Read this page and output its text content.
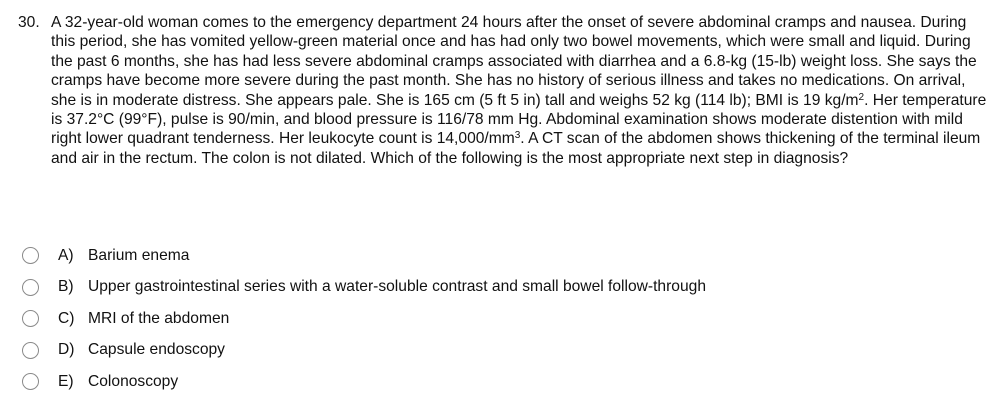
30. A 32-year-old woman comes to the emergency department 24 hours after the onset of severe abdominal cramps and nausea. During this period, she has vomited yellow-green material once and has had only two bowel movements, which were small and liquid. During the past 6 months, she has had less severe abdominal cramps associated with diarrhea and a 6.8-kg (15-lb) weight loss. She says the cramps have become more severe during the past month. She has no history of serious illness and takes no medications. On arrival, she is in moderate distress. She appears pale. She is 165 cm (5 ft 5 in) tall and weighs 52 kg (114 lb); BMI is 19 $kg/m^2$. Her temperature is 37.2°C (99°F), pulse is 90/min, and blood pressure is 116/78 mm Hg. Abdominal examination shows moderate distention with mild right lower quadrant tenderness. Her leukocyte count is $14,000/mm^3$. A CT scan of the abdomen shows thickening of the terminal ileum and air in the rectum. The colon is not dilated. Which of the following is the most appropriate next step in diagnosis?
A) Barium enema
B) Upper gastrointestinal series with a water-soluble contrast and small bowel follow-through
C) MRI of the abdomen
D) Capsule endoscopy
E) Colonoscopy
